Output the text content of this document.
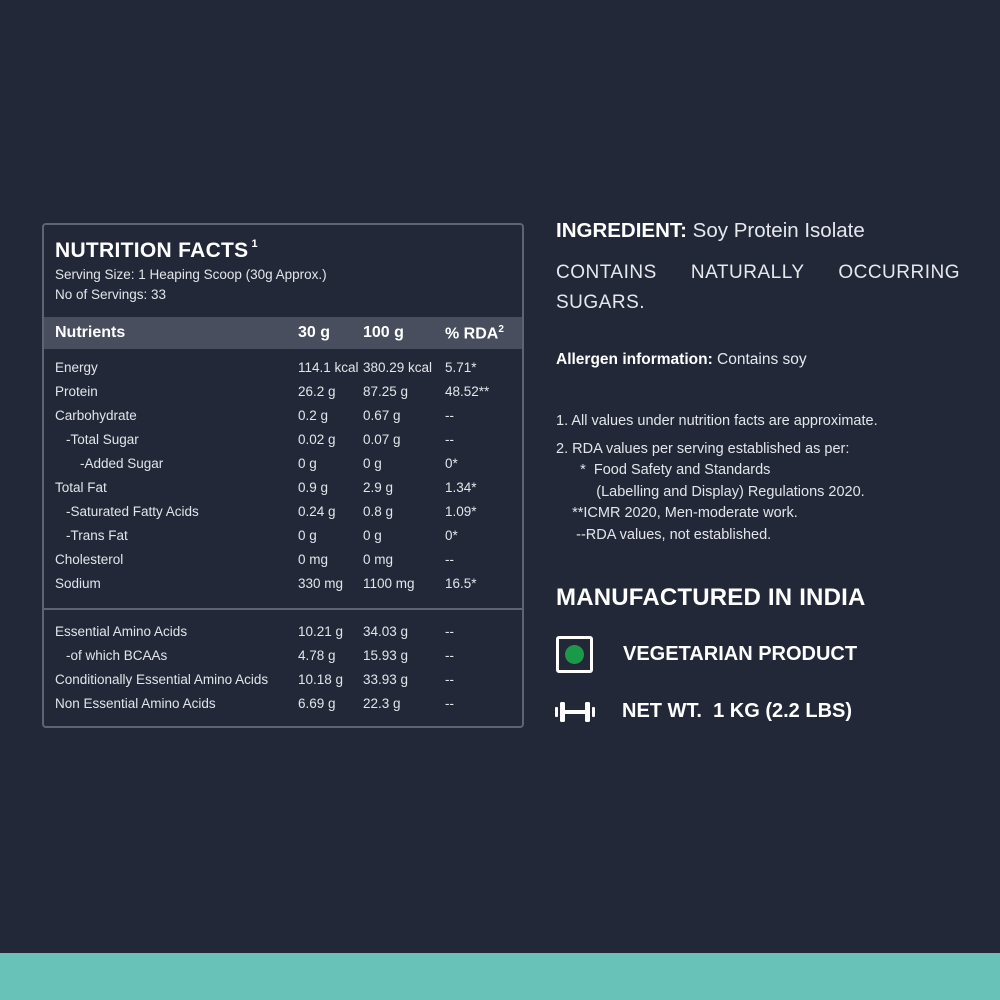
NUTRITION FACTS $^1$
Serving Size: 1 Heaping Scoop (30g Approx.)
No of Servings: 33
Nutrients	30 g 100 g	% RDA$^2$
Energy	114.1 kcal 380.29 kcal 5.71*
Protein	26.2 g 87.25 g	48.52**
Carbohydrate	0.2 g	0.67 g	--
-Total Sugar	0.02 g 0.07 g	--
-Added Sugar	0 g	0 g	0*
Total Fat	0.9 g	2.9 g	1.34*
-Saturated Fatty Acids	0.24 g 0.8 g	1.09*
-Trans Fat	0 g	0 g	0*
Cholesterol	0 mg	0 mg	--
Sodium	330 mg 1100 mg 16.5*
Essential Amino Acids	10.21 g 34.03 g	--
-of which BCAAs	4.78 g 15.93 g	--
Conditionally Essential Amino Acids 10.18 g 33.93 g	--
Non Essential Amino Acids	6.69 g 22.3 g	--
INGREDIENT: Soy Protein Isolate
CONTAINS NATURALLY OCCURRING SUGARS.
Allergen information: Contains soy
1. All values under nutrition facts are approximate.
2. RDA values per serving established as per:
*  Food Safety and Standards
(Labelling and Display) Regulations 2020.
**ICMR 2020, Men-moderate work.
--RDA values, not established.
MANUFACTURED IN INDIA
VEGETARIAN PRODUCT
NET WT.  1 KG (2.2 LBS)
